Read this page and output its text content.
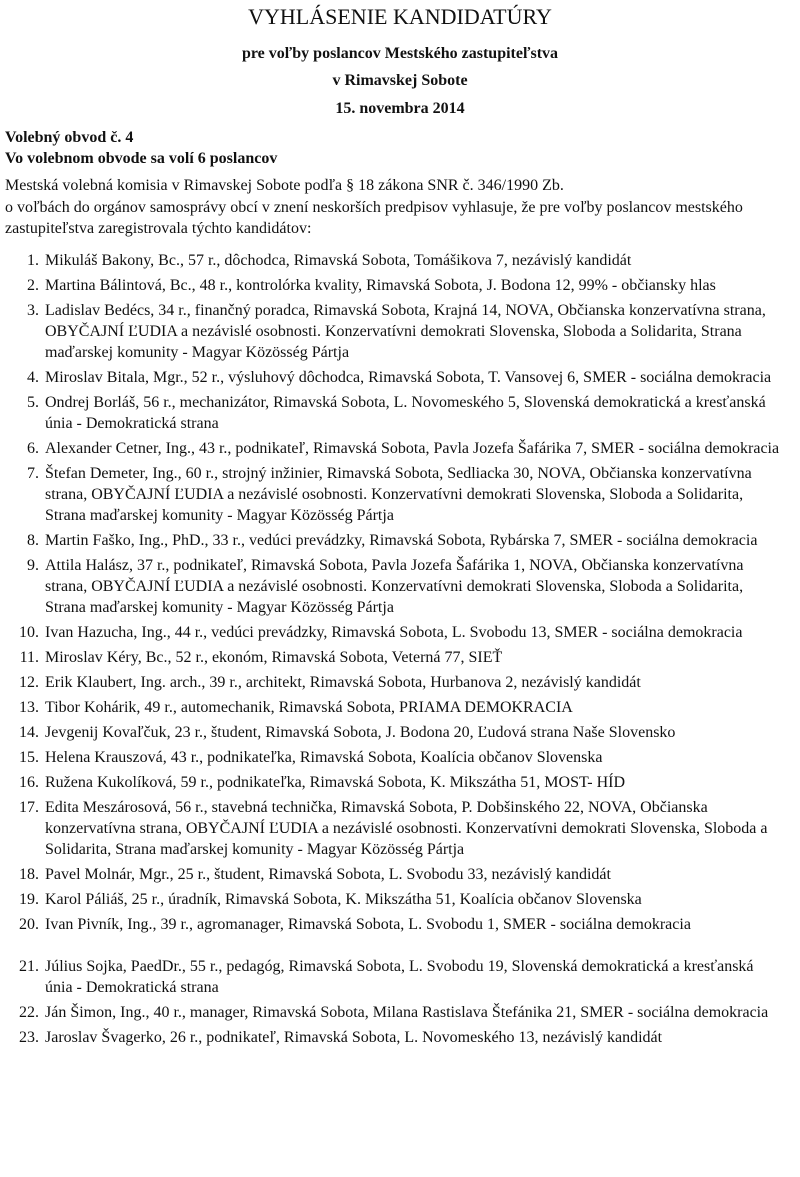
VYHLÁSENIE KANDIDATÚRY
pre voľby poslancov Mestského zastupiteľstva
v Rimavskej Sobote
15. novembra 2014
Volebný obvod č. 4
Vo volebnom obvode sa volí 6 poslancov
Mestská volebná komisia v Rimavskej Sobote podľa § 18 zákona SNR č. 346/1990 Zb.
o voľbách do orgánov samosprávy obcí v znení neskorších predpisov vyhlasuje, že pre voľby poslancov mestského zastupiteľstva zaregistrovala týchto kandidátov:
1. Mikuláš Bakony, Bc., 57 r., dôchodca, Rimavská Sobota, Tomášikova 7, nezávislý kandidát
2. Martina Bálintová, Bc., 48 r., kontrolórka kvality, Rimavská Sobota, J. Bodona 12, 99% - občiansky hlas
3. Ladislav Bedécs, 34 r., finančný poradca, Rimavská Sobota, Krajná 14, NOVA, Občianska konzervatívna strana, OBYČAJNÍ ĽUDIA a nezávislé osobnosti. Konzervatívni demokrati Slovenska, Sloboda a Solidarita, Strana maďarskej komunity - Magyar Közösség Pártja
4. Miroslav Bitala, Mgr., 52 r., výsluhový dôchodca, Rimavská Sobota, T. Vansovej 6, SMER - sociálna demokracia
5. Ondrej Borláš, 56 r., mechanizátor, Rimavská Sobota, L. Novomeského 5, Slovenská demokratická a kresťanská únia - Demokratická strana
6. Alexander Cetner, Ing., 43 r., podnikateľ, Rimavská Sobota, Pavla Jozefa Šafárika 7, SMER - sociálna demokracia
7. Štefan Demeter, Ing., 60 r., strojný inžinier, Rimavská Sobota, Sedliacka 30, NOVA, Občianska konzervatívna strana, OBYČAJNÍ ĽUDIA a nezávislé osobnosti. Konzervatívni demokrati Slovenska, Sloboda a Solidarita, Strana maďarskej komunity - Magyar Közösség Pártja
8. Martin Faško, Ing., PhD., 33 r., vedúci prevádzky, Rimavská Sobota, Rybárska 7, SMER - sociálna demokracia
9. Attila Halász, 37 r., podnikateľ, Rimavská Sobota, Pavla Jozefa Šafárika 1, NOVA, Občianska konzervatívna strana, OBYČAJNÍ ĽUDIA a nezávislé osobnosti. Konzervatívni demokrati Slovenska, Sloboda a Solidarita, Strana maďarskej komunity - Magyar Közösség Pártja
10. Ivan Hazucha, Ing., 44 r., vedúci prevádzky, Rimavská Sobota, L. Svobodu 13, SMER - sociálna demokracia
11. Miroslav Kéry, Bc., 52 r., ekonóm, Rimavská Sobota, Veterná 77, SIEŤ
12. Erik Klaubert, Ing. arch., 39 r., architekt, Rimavská Sobota, Hurbanova 2, nezávislý kandidát
13. Tibor Kohárik, 49 r., automechanik, Rimavská Sobota, PRIAMA DEMOKRACIA
14. Jevgenij Kovaľčuk, 23 r., študent, Rimavská Sobota, J. Bodona 20, Ľudová strana Naše Slovensko
15. Helena Krauszová, 43 r., podnikateľka, Rimavská Sobota, Koalícia občanov Slovenska
16. Ružena Kukolíková, 59 r., podnikateľka, Rimavská Sobota, K. Mikszátha 51, MOST- HÍD
17. Edita Meszárosová, 56 r., stavebná technička, Rimavská Sobota, P. Dobšinského 22, NOVA, Občianska konzervatívna strana, OBYČAJNÍ ĽUDIA a nezávislé osobnosti. Konzervatívni demokrati Slovenska, Sloboda a Solidarita, Strana maďarskej komunity - Magyar Közösség Pártja
18. Pavel Molnár, Mgr., 25 r., študent, Rimavská Sobota, L. Svobodu 33, nezávislý kandidát
19. Karol Páliáš, 25 r., úradník, Rimavská Sobota, K. Mikszátha 51, Koalícia občanov Slovenska
20. Ivan Pivník, Ing., 39 r., agromanager, Rimavská Sobota, L. Svobodu 1, SMER - sociálna demokracia
21. Július Sojka, PaedDr., 55 r., pedagóg, Rimavská Sobota, L. Svobodu 19, Slovenská demokratická a kresťanská únia - Demokratická strana
22. Ján Šimon, Ing., 40 r., manager, Rimavská Sobota, Milana Rastislava Štefánika 21, SMER - sociálna demokracia
23. Jaroslav Švagerko, 26 r., podnikateľ, Rimavská Sobota, L. Novomeského 13, nezávislý kandidát
